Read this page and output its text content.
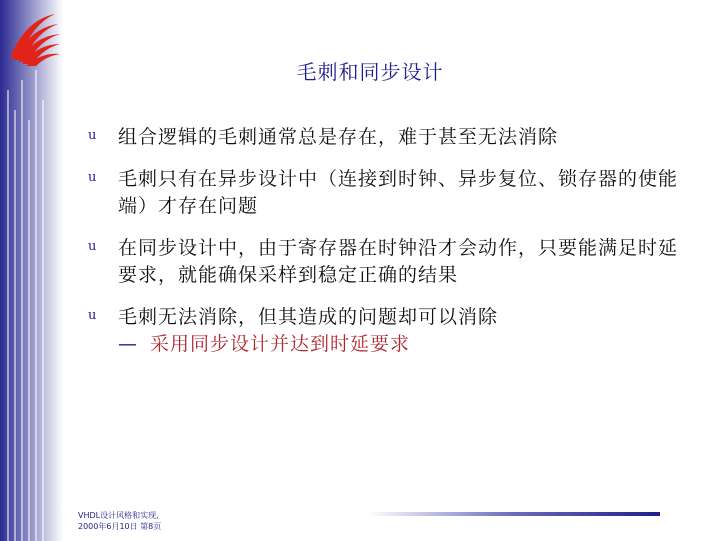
毛刺和同步设计
u 组合逻辑的毛刺通常总是存在，难于甚至无法消除
u 毛刺只有在异步设计中（连接到时钟、异步复位、锁存器的使能端）才存在问题
u 在同步设计中，由于寄存器在时钟沿才会动作，只要能满足时延要求，就能确保采样到稳定正确的结果
u 毛刺无法消除，但其造成的问题却可以消除
— 采用同步设计并达到时延要求
VHDL设计风格和实现,
2000年6月10日 第8页
